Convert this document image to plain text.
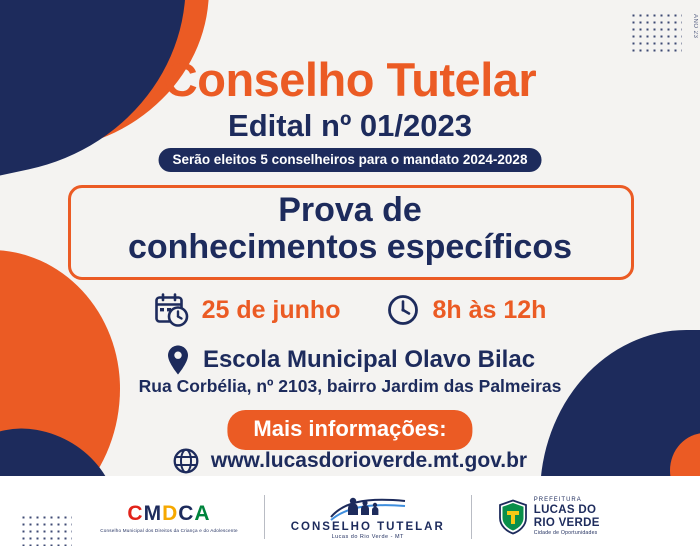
ANO 23
Conselho Tutelar
Edital nº 01/2023
Serão eleitos 5 conselheiros para o mandato 2024-2028
Prova de
conhecimentos específicos
25 de junho	8h às 12h
Escola Municipal Olavo Bilac
Rua Corbélia, nº 2103, bairro Jardim das Palmeiras
Mais informações:
www.lucasdorioverde.mt.gov.br
CMDCA
Conselho Municipal dos Direitos da Criança e do Adolescente	CONSELHO TUTELAR
Lucas do Rio Verde - MT
PREFEITURA
LUCAS DO
RIO VERDE
Cidade de Oportunidades
